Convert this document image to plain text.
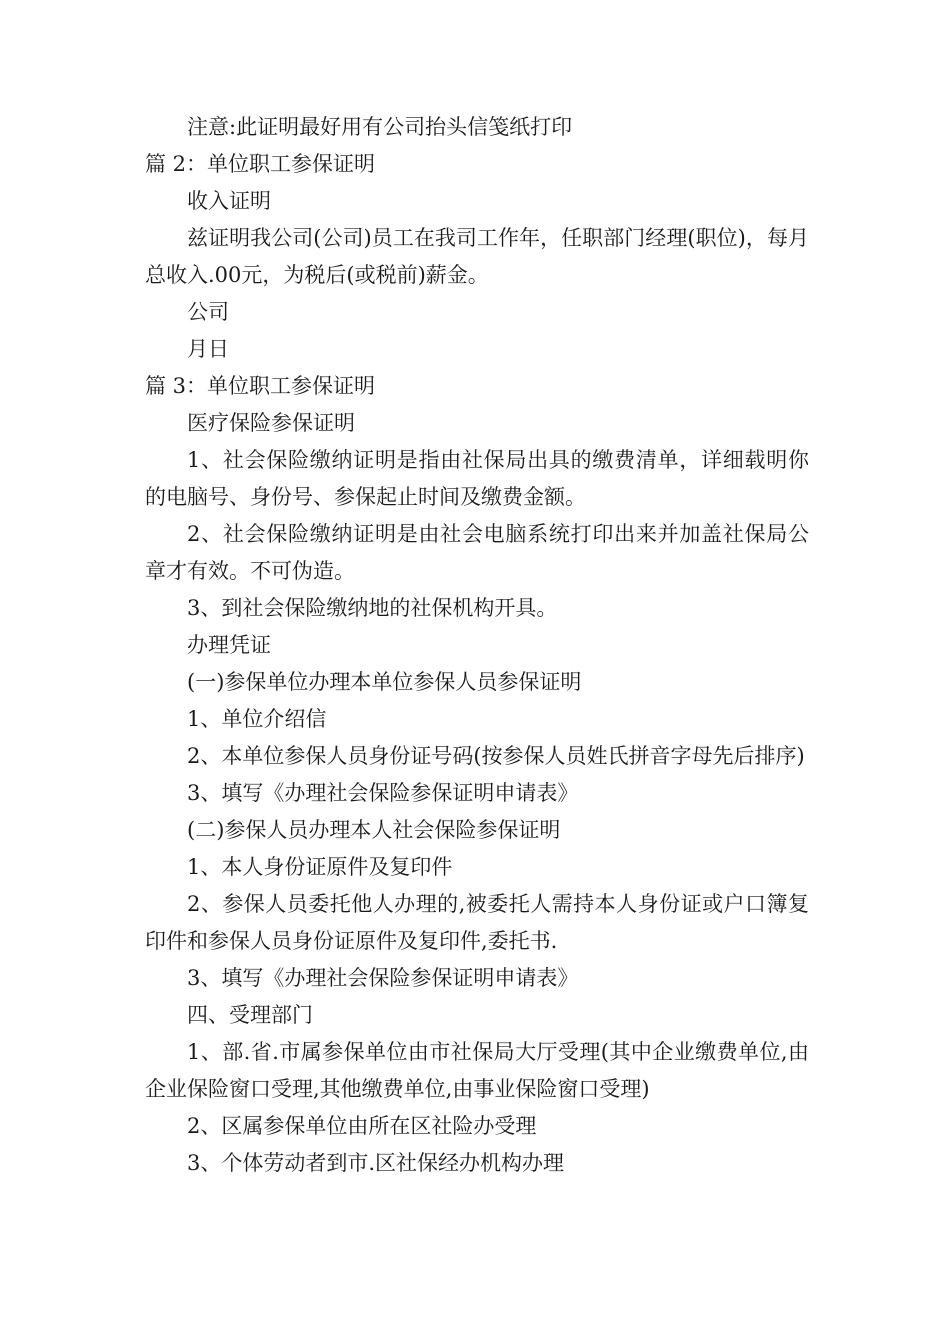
注意:此证明最好用有公司抬头信笺纸打印

篇 2：单位职工参保证明

收入证明

兹证明我公司(公司)员工在我司工作年，任职部门经理(职位)，每月总收入.00元，为税后(或税前)薪金。

公司

月日

篇 3：单位职工参保证明

医疗保险参保证明

1、社会保险缴纳证明是指由社保局出具的缴费清单，详细载明你的电脑号、身份号、参保起止时间及缴费金额。

2、社会保险缴纳证明是由社会电脑系统打印出来并加盖社保局公章才有效。不可伪造。

3、到社会保险缴纳地的社保机构开具。

办理凭证

(一)参保单位办理本单位参保人员参保证明

1、单位介绍信

2、本单位参保人员身份证号码(按参保人员姓氏拼音字母先后排序)

3、填写《办理社会保险参保证明申请表》

(二)参保人员办理本人社会保险参保证明

1、本人身份证原件及复印件

2、参保人员委托他人办理的,被委托人需持本人身份证或户口簿复印件和参保人员身份证原件及复印件,委托书.

3、填写《办理社会保险参保证明申请表》

四、受理部门

1、部.省.市属参保单位由市社保局大厅受理(其中企业缴费单位,由企业保险窗口受理,其他缴费单位,由事业保险窗口受理)

2、区属参保单位由所在区社险办受理

3、个体劳动者到市.区社保经办机构办理
